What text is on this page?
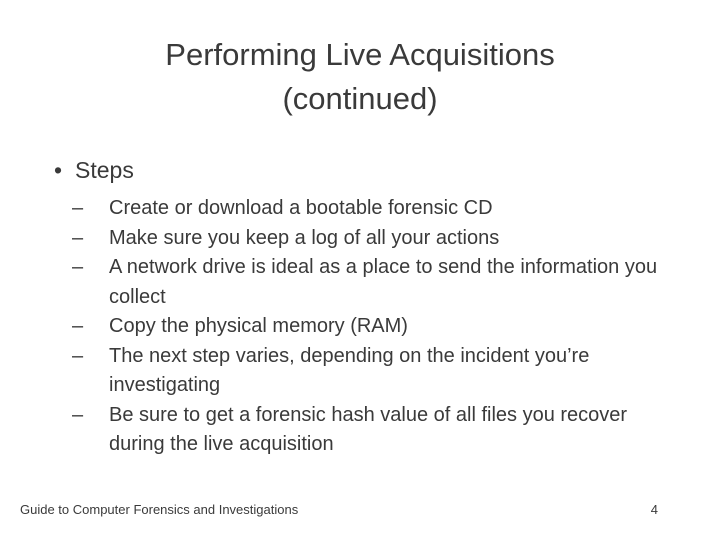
Performing Live Acquisitions
(continued)
• Steps
– Create or download a bootable forensic CD
– Make sure you keep a log of all your actions
– A network drive is ideal as a place to send the information you collect
– Copy the physical memory (RAM)
– The next step varies, depending on the incident you’re investigating
– Be sure to get a forensic hash value of all files you recover during the live acquisition
Guide to Computer Forensics and Investigations	4
